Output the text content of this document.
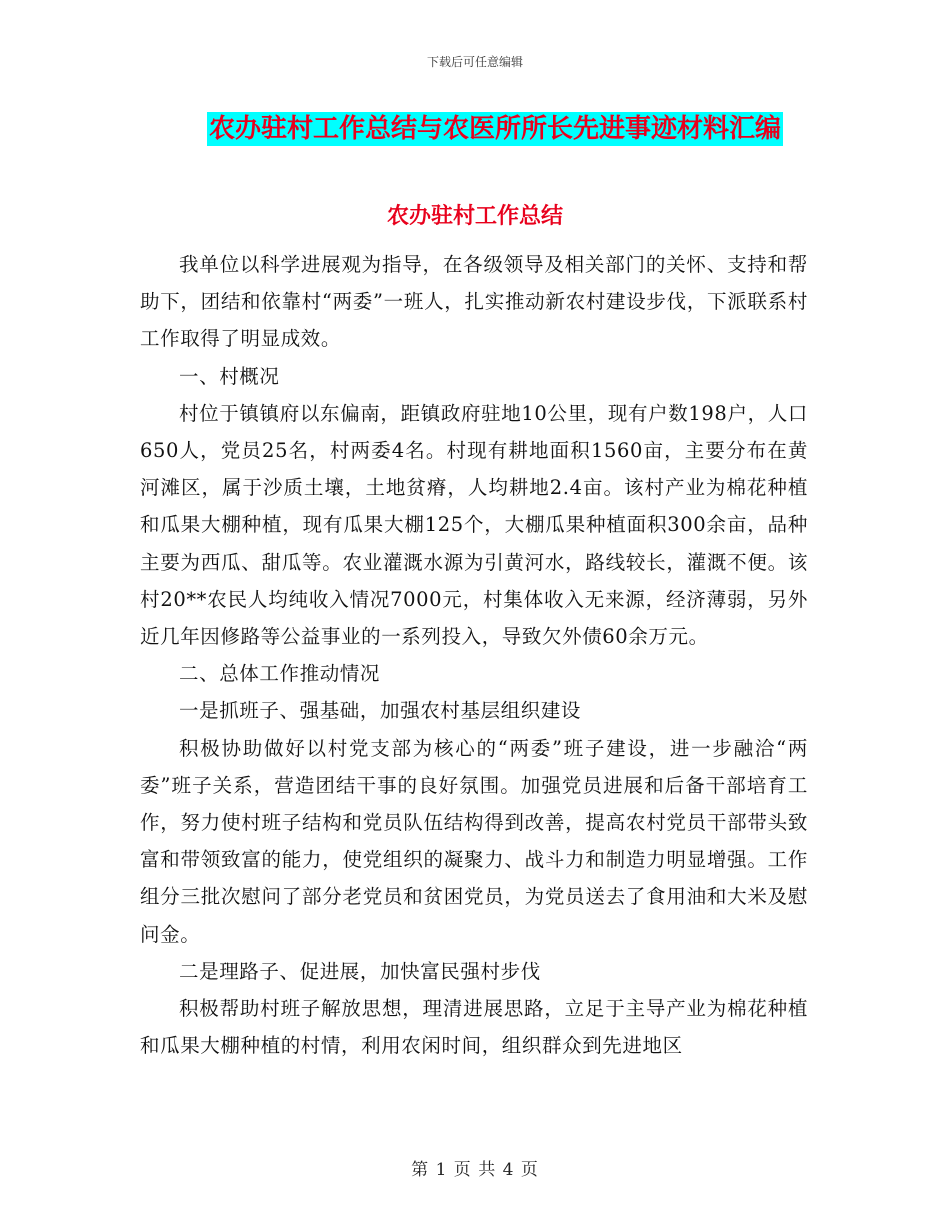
下载后可任意编辑
农办驻村工作总结与农医所所长先进事迹材料汇编
农办驻村工作总结

我单位以科学进展观为指导，在各级领导及相关部门的关怀、支持和帮助下，团结和依靠村“两委”一班人，扎实推动新农村建设步伐，下派联系村工作取得了明显成效。

一、村概况

村位于镇镇府以东偏南，距镇政府驻地10公里，现有户数198户，人口650人，党员25名，村两委4名。村现有耕地面积1560亩，主要分布在黄河滩区，属于沙质土壤，土地贫瘠，人均耕地2.4亩。该村产业为棉花种植和瓜果大棚种植，现有瓜果大棚125个，大棚瓜果种植面积300余亩，品种主要为西瓜、甜瓜等。农业灌溉水源为引黄河水，路线较长，灌溉不便。该村20**农民人均纯收入情况7000元，村集体收入无来源，经济薄弱，另外近几年因修路等公益事业的一系列投入，导致欠外债60余万元。

二、总体工作推动情况

一是抓班子、强基础，加强农村基层组织建设

积极协助做好以村党支部为核心的“两委”班子建设，进一步融洽“两委”班子关系，营造团结干事的良好氛围。加强党员进展和后备干部培育工作，努力使村班子结构和党员队伍结构得到改善，提高农村党员干部带头致富和带领致富的能力，使党组织的凝聚力、战斗力和制造力明显增强。工作组分三批次慰问了部分老党员和贫困党员，为党员送去了食用油和大米及慰问金。

二是理路子、促进展，加快富民强村步伐

积极帮助村班子解放思想，理清进展思路，立足于主导产业为棉花种植和瓜果大棚种植的村情，利用农闲时间，组织群众到先进地区

第 1 页 共 4 页
